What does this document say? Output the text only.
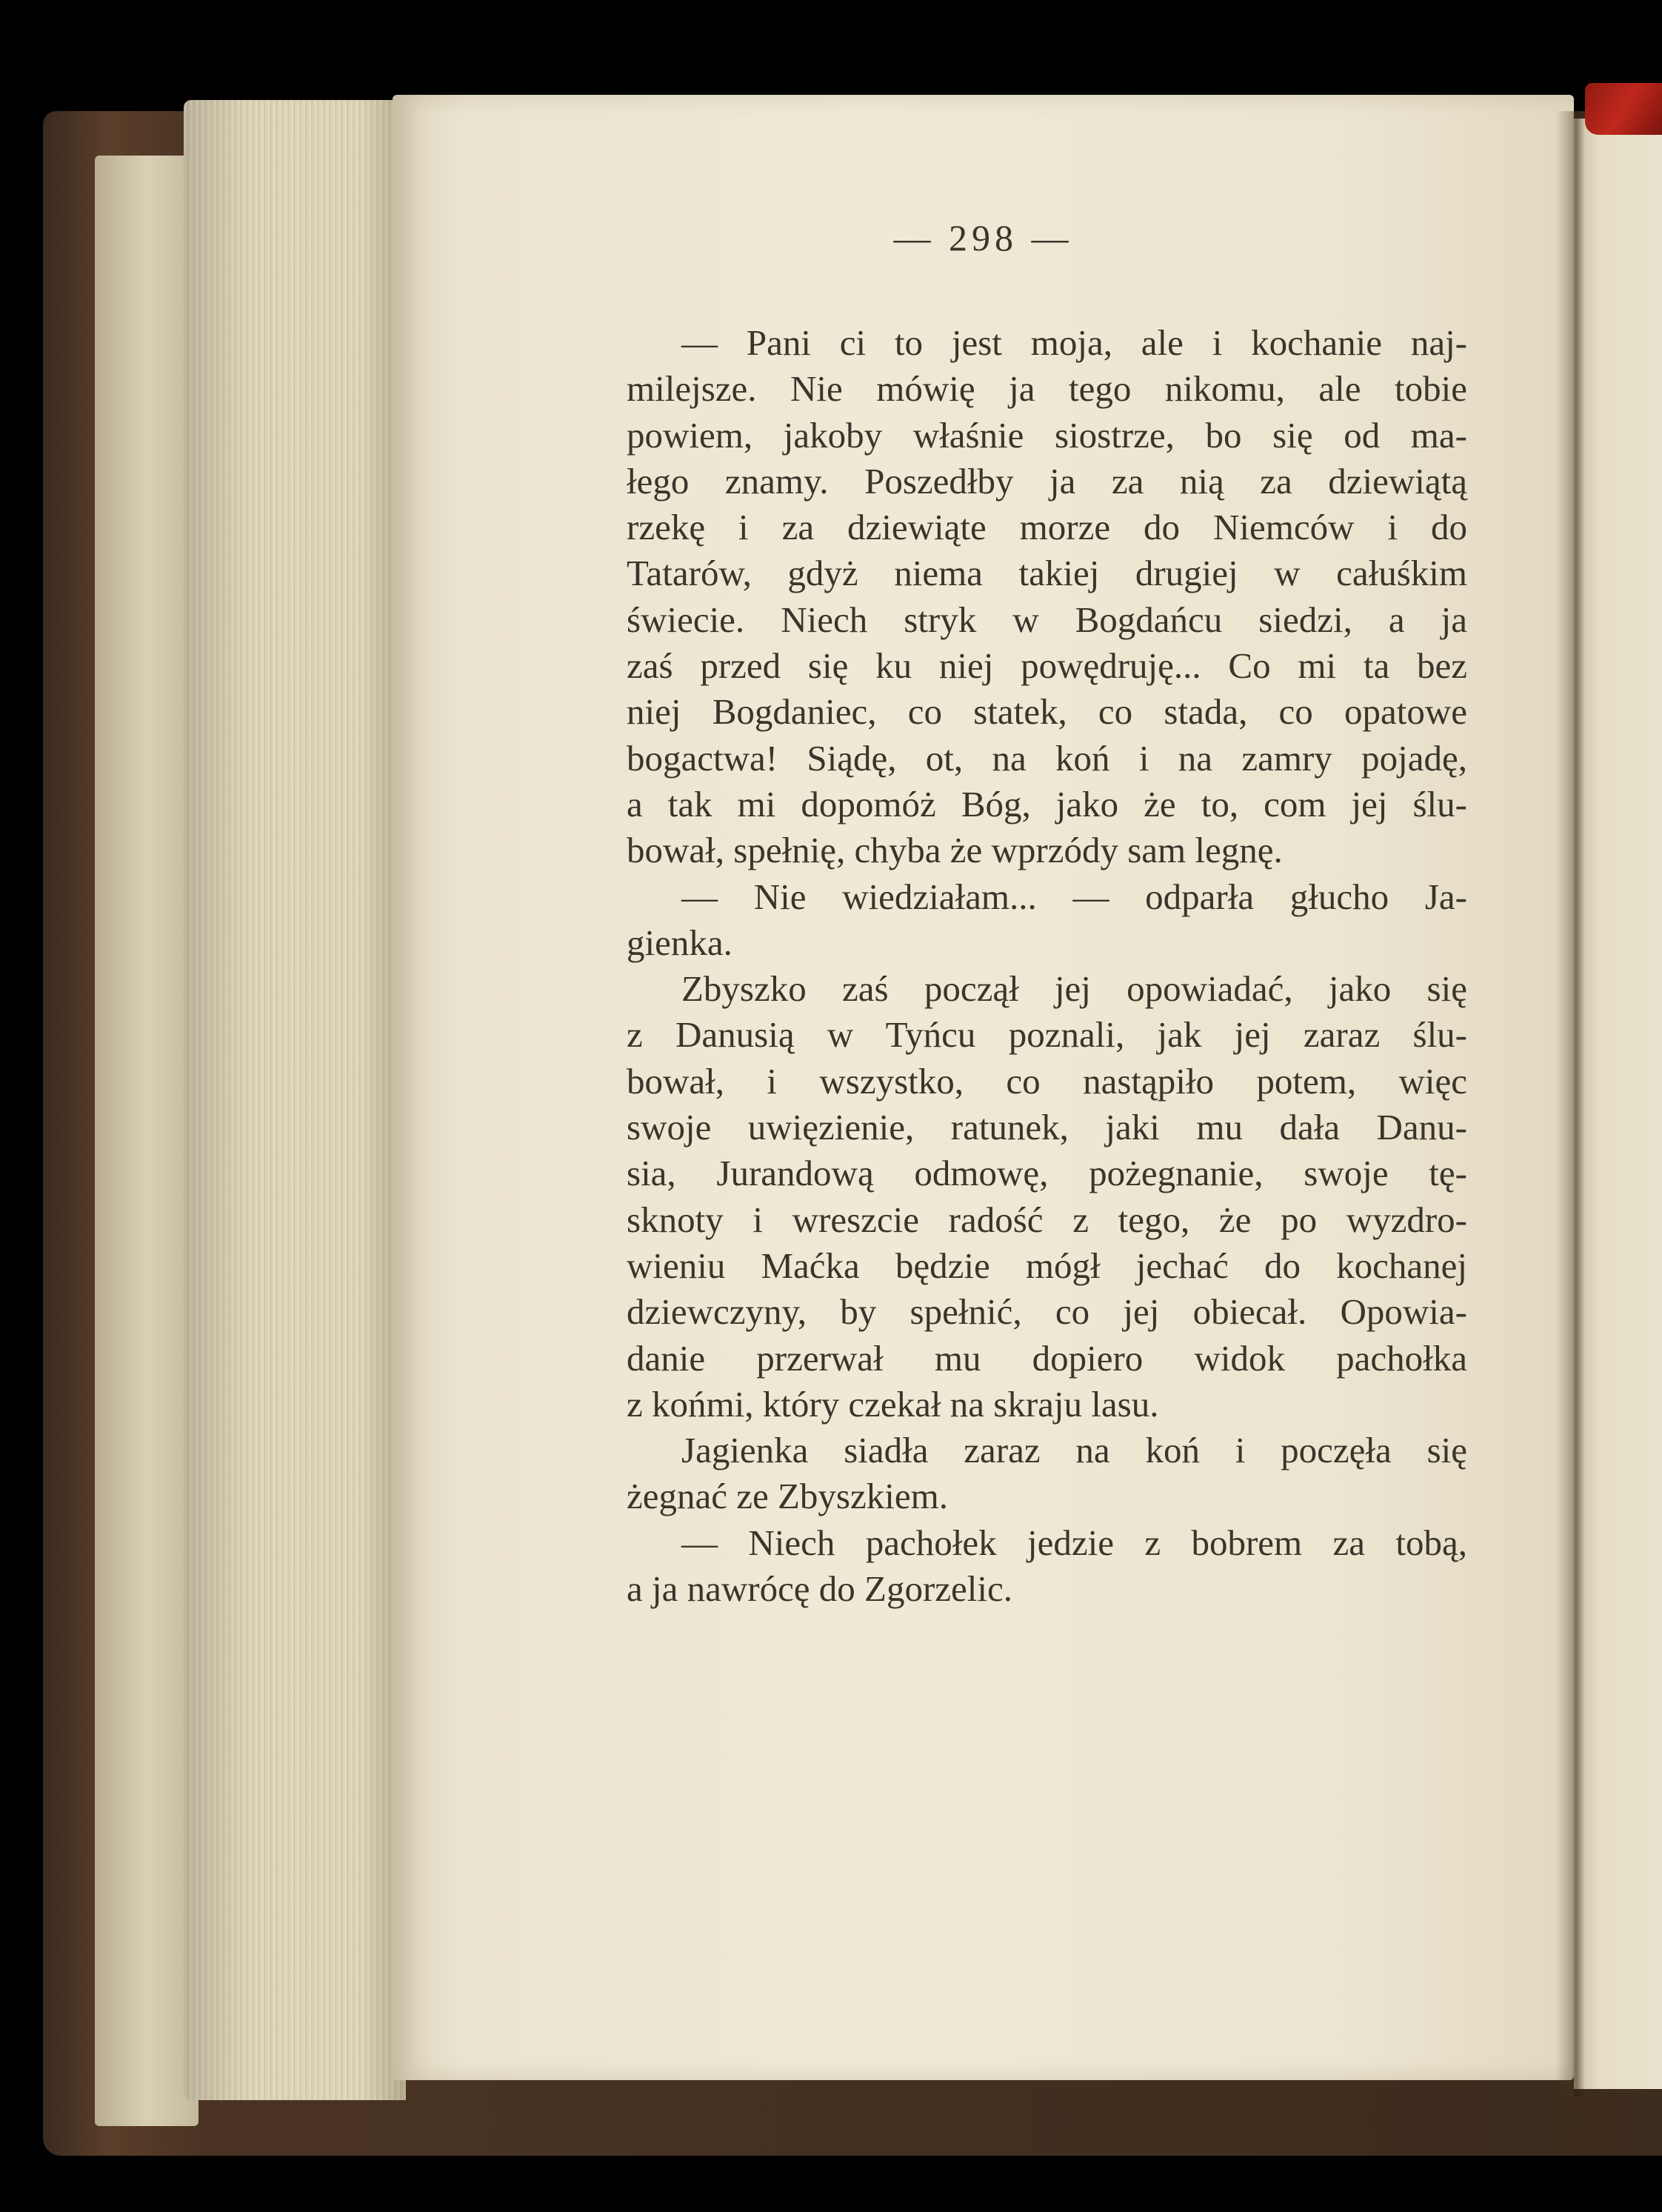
— 298 —
— Pani ci to jest moja, ale i kochanie naj-
milejsze. Nie mówię ja tego nikomu, ale tobie
powiem, jakoby właśnie siostrze, bo się od ma-
łego znamy. Poszedłby ja za nią za dziewiątą
rzekę i za dziewiąte morze do Niemców i do
Tatarów, gdyż niema takiej drugiej w całuśkim
świecie. Niech stryk w Bogdańcu siedzi, a ja
zaś przed się ku niej powędruję... Co mi ta bez
niej Bogdaniec, co statek, co stada, co opatowe
bogactwa! Siądę, ot, na koń i na zamry pojadę,
a tak mi dopomóż Bóg, jako że to, com jej ślu-
bował, spełnię, chyba że wprzódy sam legnę.
— Nie wiedziałam... — odparła głucho Ja-
gienka.
Zbyszko zaś począł jej opowiadać, jako się
z Danusią w Tyńcu poznali, jak jej zaraz ślu-
bował, i wszystko, co nastąpiło potem, więc
swoje uwięzienie, ratunek, jaki mu dała Danu-
sia, Jurandową odmowę, pożegnanie, swoje tę-
sknoty i wreszcie radość z tego, że po wyzdro-
wieniu Maćka będzie mógł jechać do kochanej
dziewczyny, by spełnić, co jej obiecał. Opowia-
danie przerwał mu dopiero widok pachołka
z końmi, który czekał na skraju lasu.
Jagienka siadła zaraz na koń i poczęła się
żegnać ze Zbyszkiem.
— Niech pachołek jedzie z bobrem za tobą,
a ja nawrócę do Zgorzelic.
